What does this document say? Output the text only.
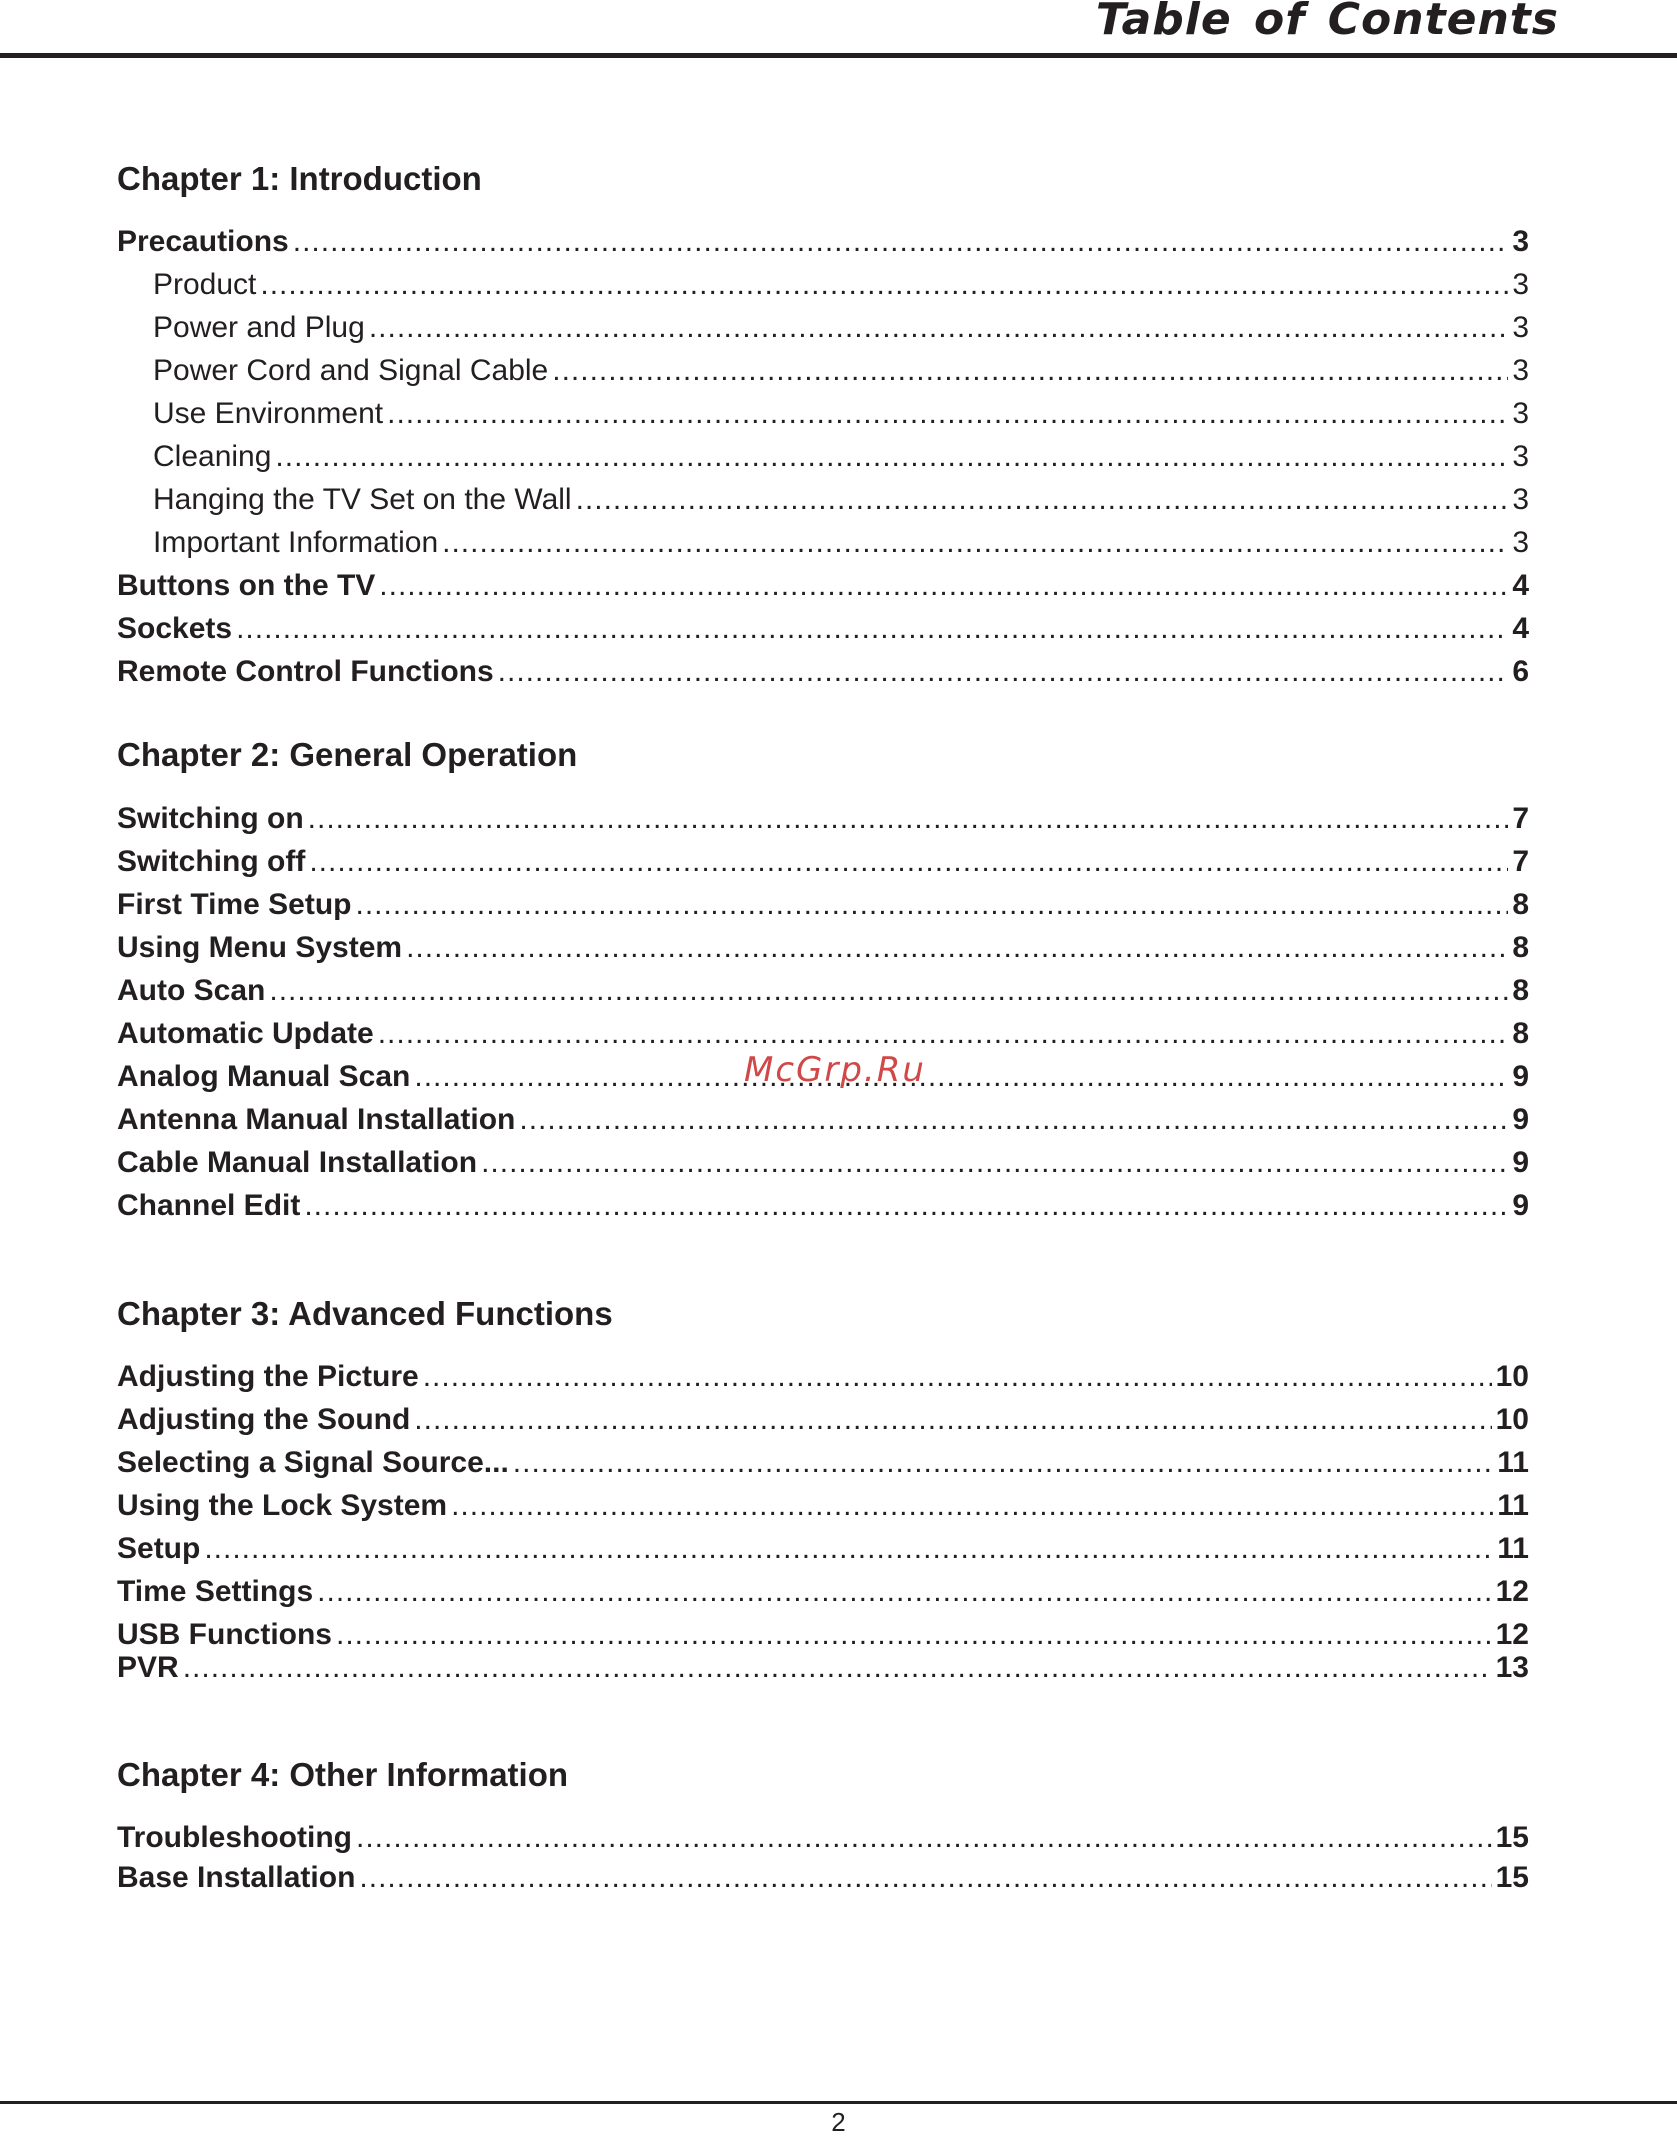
Table of Contents
McGrp.Ru
Chapter 1: Introduction
Precautions .....	3
Product .....	3
Power and Plug .....	3
Power Cord and Signal Cable .....	3
Use Environment .....	3
Cleaning .....	3
Hanging the TV Set on the Wall .....	3
Important Information .....	3
Buttons on the TV .....	4
Sockets .....	4
Remote Control Functions .....	6
Chapter 2: General Operation
Switching on .....	7
Switching off .....	7
First Time Setup .....	8
Using Menu System .....	8
Auto Scan .....	8
Automatic Update .....	8
Analog Manual Scan .....	9
Antenna Manual Installation .....	9
Cable Manual Installation .....	9
Channel Edit .....	9
Chapter 3: Advanced Functions
Adjusting the Picture .....	10
Adjusting the Sound .....	10
Selecting a Signal Source... .....	11
Using the Lock System .....	11
Setup .....	11
Time Settings .....	12
USB Functions .....	12
PVR .....	13
Chapter 4: Other Information
Troubleshooting .....	15
Base Installation .....	15
2
